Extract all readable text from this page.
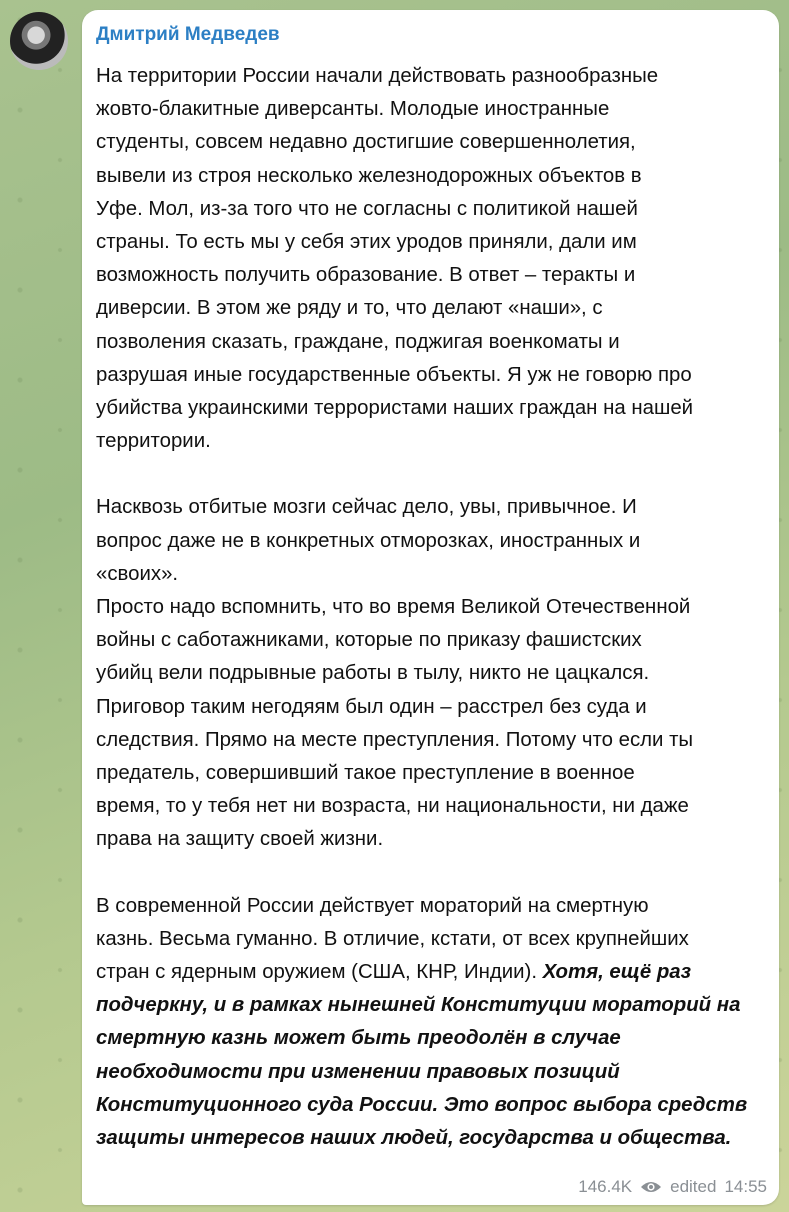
Дмитрий Медведев
На территории России начали действовать разнообразные
жовто-блакитные диверсанты. Молодые иностранные
студенты, совсем недавно достигшие совершеннолетия,
вывели из строя несколько железнодорожных объектов в
Уфе. Мол, из-за того что не согласны с политикой нашей
страны. То есть мы у себя этих уродов приняли, дали им
возможность получить образование. В ответ – теракты и
диверсии. В этом же ряду и то, что делают «наши», с
позволения сказать, граждане, поджигая военкоматы и
разрушая иные государственные объекты. Я уж не говорю про
убийства украинскими террористами наших граждан на нашей
территории.
Насквозь отбитые мозги сейчас дело, увы, привычное. И
вопрос даже не в конкретных отморозках, иностранных и
«своих».
Просто надо вспомнить, что во время Великой Отечественной
войны с саботажниками, которые по приказу фашистских
убийц вели подрывные работы в тылу, никто не цацкался.
Приговор таким негодяям был один – расстрел без суда и
следствия. Прямо на месте преступления. Потому что если ты
предатель, совершивший такое преступление в военное
время, то у тебя нет ни возраста, ни национальности, ни даже
права на защиту своей жизни.
В современной России действует мораторий на смертную
казнь. Весьма гуманно. В отличие, кстати, от всех крупнейших
стран с ядерным оружием (США, КНР, Индии). Хотя, ещё раз
подчеркну, и в рамках нынешней Конституции мораторий на
смертную казнь может быть преодолён в случае
необходимости при изменении правовых позиций
Конституционного суда России. Это вопрос выбора средств
защиты интересов наших людей, государства и общества.
146.4K edited 14:55
